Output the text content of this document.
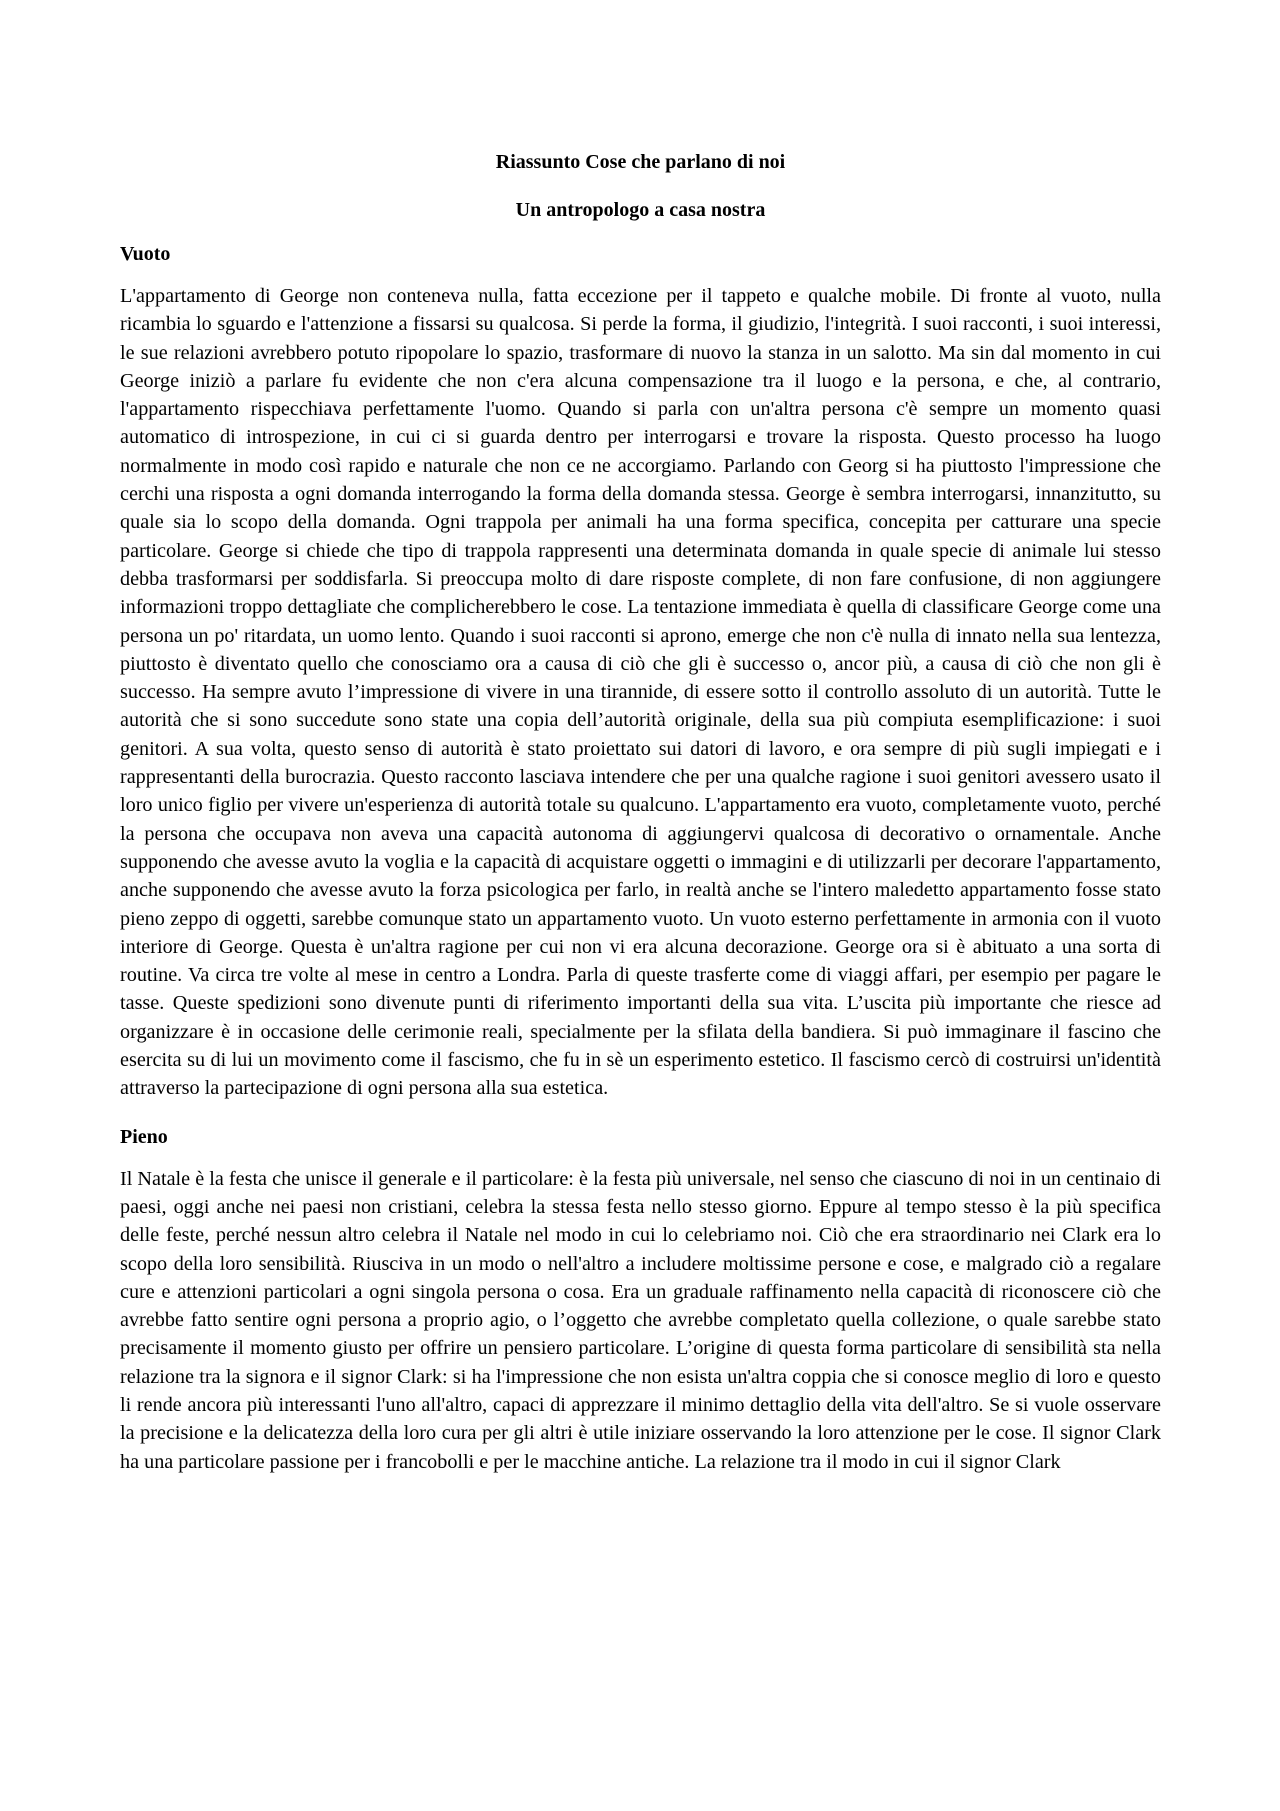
Riassunto Cose che parlano di noi

Un antropologo a casa nostra

Vuoto

L'appartamento di George non conteneva nulla, fatta eccezione per il tappeto e qualche mobile. Di fronte al vuoto, nulla ricambia lo sguardo e l'attenzione a fissarsi su qualcosa. Si perde la forma, il giudizio, l'integrità. I suoi racconti, i suoi interessi, le sue relazioni avrebbero potuto ripopolare lo spazio, trasformare di nuovo la stanza in un salotto. Ma sin dal momento in cui George iniziò a parlare fu evidente che non c'era alcuna compensazione tra il luogo e la persona, e che, al contrario, l'appartamento rispecchiava perfettamente l'uomo. Quando si parla con un'altra persona c'è sempre un momento quasi automatico di introspezione, in cui ci si guarda dentro per interrogarsi e trovare la risposta. Questo processo ha luogo normalmente in modo così rapido e naturale che non ce ne accorgiamo. Parlando con Georg si ha piuttosto l'impressione che cerchi una risposta a ogni domanda interrogando la forma della domanda stessa. George è sembra interrogarsi, innanzitutto, su quale sia lo scopo della domanda. Ogni trappola per animali ha una forma specifica, concepita per catturare una specie particolare. George si chiede che tipo di trappola rappresenti una determinata domanda in quale specie di animale lui stesso debba trasformarsi per soddisfarla. Si preoccupa molto di dare risposte complete, di non fare confusione, di non aggiungere informazioni troppo dettagliate che complicherebbero le cose. La tentazione immediata è quella di classificare George come una persona un po' ritardata, un uomo lento. Quando i suoi racconti si aprono, emerge che non c'è nulla di innato nella sua lentezza, piuttosto è diventato quello che conosciamo ora a causa di ciò che gli è successo o, ancor più, a causa di ciò che non gli è successo. Ha sempre avuto l’impressione di vivere in una tirannide, di essere sotto il controllo assoluto di un autorità. Tutte le autorità che si sono succedute sono state una copia dell’autorità originale, della sua più compiuta esemplificazione: i suoi genitori. A sua volta, questo senso di autorità è stato proiettato sui datori di lavoro, e ora sempre di più sugli impiegati e i rappresentanti della burocrazia. Questo racconto lasciava intendere che per una qualche ragione i suoi genitori avessero usato il loro unico figlio per vivere un'esperienza di autorità totale su qualcuno. L'appartamento era vuoto, completamente vuoto, perché la persona che occupava non aveva una capacità autonoma di aggiungervi qualcosa di decorativo o ornamentale. Anche supponendo che avesse avuto la voglia e la capacità di acquistare oggetti o immagini e di utilizzarli per decorare l'appartamento, anche supponendo che avesse avuto la forza psicologica per farlo, in realtà anche se l'intero maledetto appartamento fosse stato pieno zeppo di oggetti, sarebbe comunque stato un appartamento vuoto. Un vuoto esterno perfettamente in armonia con il vuoto interiore di George. Questa è un'altra ragione per cui non vi era alcuna decorazione. George ora si è abituato a una sorta di routine. Va circa tre volte al mese in centro a Londra. Parla di queste trasferte come di viaggi affari, per esempio per pagare le tasse. Queste spedizioni sono divenute punti di riferimento importanti della sua vita. L’uscita più importante che riesce ad organizzare è in occasione delle cerimonie reali, specialmente per la sfilata della bandiera. Si può immaginare il fascino che esercita su di lui un movimento come il fascismo, che fu in sè un esperimento estetico. Il fascismo cercò di costruirsi un'identità attraverso la partecipazione di ogni persona alla sua estetica.

Pieno

Il Natale è la festa che unisce il generale e il particolare: è la festa più universale, nel senso che ciascuno di noi in un centinaio di paesi, oggi anche nei paesi non cristiani, celebra la stessa festa nello stesso giorno. Eppure al tempo stesso è la più specifica delle feste, perché nessun altro celebra il Natale nel modo in cui lo celebriamo noi. Ciò che era straordinario nei Clark era lo scopo della loro sensibilità. Riusciva in un modo o nell'altro a includere moltissime persone e cose, e malgrado ciò a regalare cure e attenzioni particolari a ogni singola persona o cosa. Era un graduale raffinamento nella capacità di riconoscere ciò che avrebbe fatto sentire ogni persona a proprio agio, o l’oggetto che avrebbe completato quella collezione, o quale sarebbe stato precisamente il momento giusto per offrire un pensiero particolare. L’origine di questa forma particolare di sensibilità sta nella relazione tra la signora e il signor Clark: si ha l'impressione che non esista un'altra coppia che si conosce meglio di loro e questo li rende ancora più interessanti l'uno all'altro, capaci di apprezzare il minimo dettaglio della vita dell'altro. Se si vuole osservare la precisione e la delicatezza della loro cura per gli altri è utile iniziare osservando la loro attenzione per le cose. Il signor Clark ha una particolare passione per i francobolli e per le macchine antiche. La relazione tra il modo in cui il signor Clark
